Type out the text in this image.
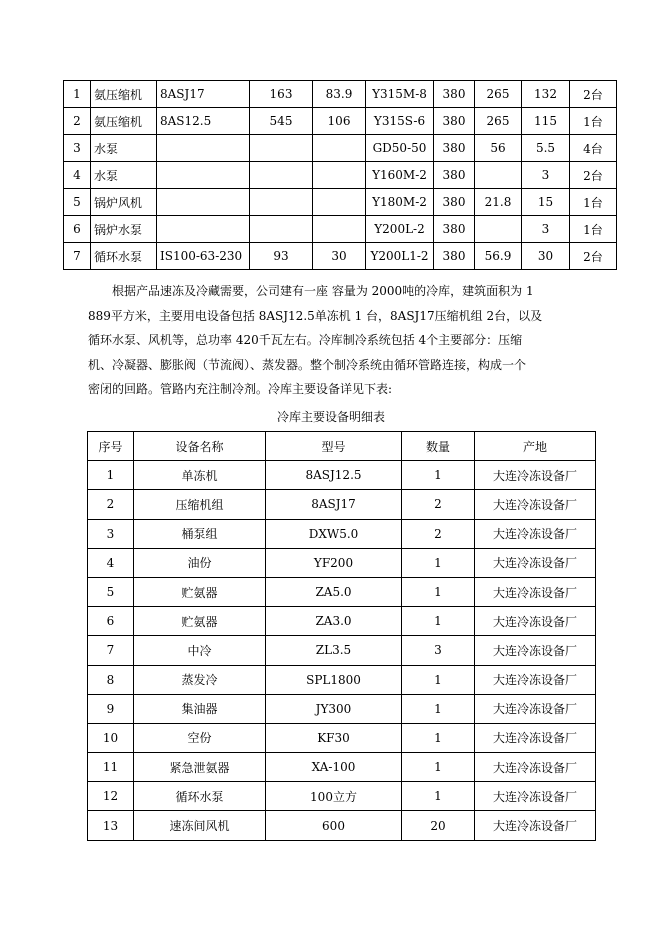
1	氨压缩机	8ASJ17	163	83.9	Y315M-8	380	265	132	2台
2	氨压缩机	8AS12.5	545	106	Y315S-6	380	265	115	1台
3	水泵				GD50-50	380	56	5.5	4台
4	水泵				Y160M-2	380		3	2台
5	锅炉风机				Y180M-2	380	21.8	15	1台
6	锅炉水泵				Y200L-2	380		3	1台
7	循环水泵	IS100-63-230	93	30	Y200L1-2	380	56.9	30	2台
　　根据产品速冻及冷藏需要，公司建有一座 容量为 2000吨的冷库，建筑面积为 1
889平方米，主要用电设备包括 8ASJ12.5单冻机 1 台，8ASJ17压缩机组 2台，以及
循环水泵、风机等，总功率 420千瓦左右。冷库制冷系统包括 4个主要部分：压缩
机、冷凝器、膨胀阀（节流阀）、蒸发器。整个制冷系统由循环管路连接，构成一个
密闭的回路。管路内充注制冷剂。冷库主要设备详见下表:
冷库主要设备明细表
序号	设备名称	型号	数量	产地
1	单冻机	8ASJ12.5	1	大连冷冻设备厂
2	压缩机组	8ASJ17	2	大连冷冻设备厂
3	桶泵组	DXW5.0	2	大连冷冻设备厂
4	油份	YF200	1	大连冷冻设备厂
5	贮氨器	ZA5.0	1	大连冷冻设备厂
6	贮氨器	ZA3.0	1	大连冷冻设备厂
7	中冷	ZL3.5	3	大连冷冻设备厂
8	蒸发冷	SPL1800	1	大连冷冻设备厂
9	集油器	JY300	1	大连冷冻设备厂
10	空份	KF30	1	大连冷冻设备厂
11	紧急泄氨器	XA-100	1	大连冷冻设备厂
12	循环水泵	100立方	1	大连冷冻设备厂
13	速冻间风机	600	20	大连冷冻设备厂
